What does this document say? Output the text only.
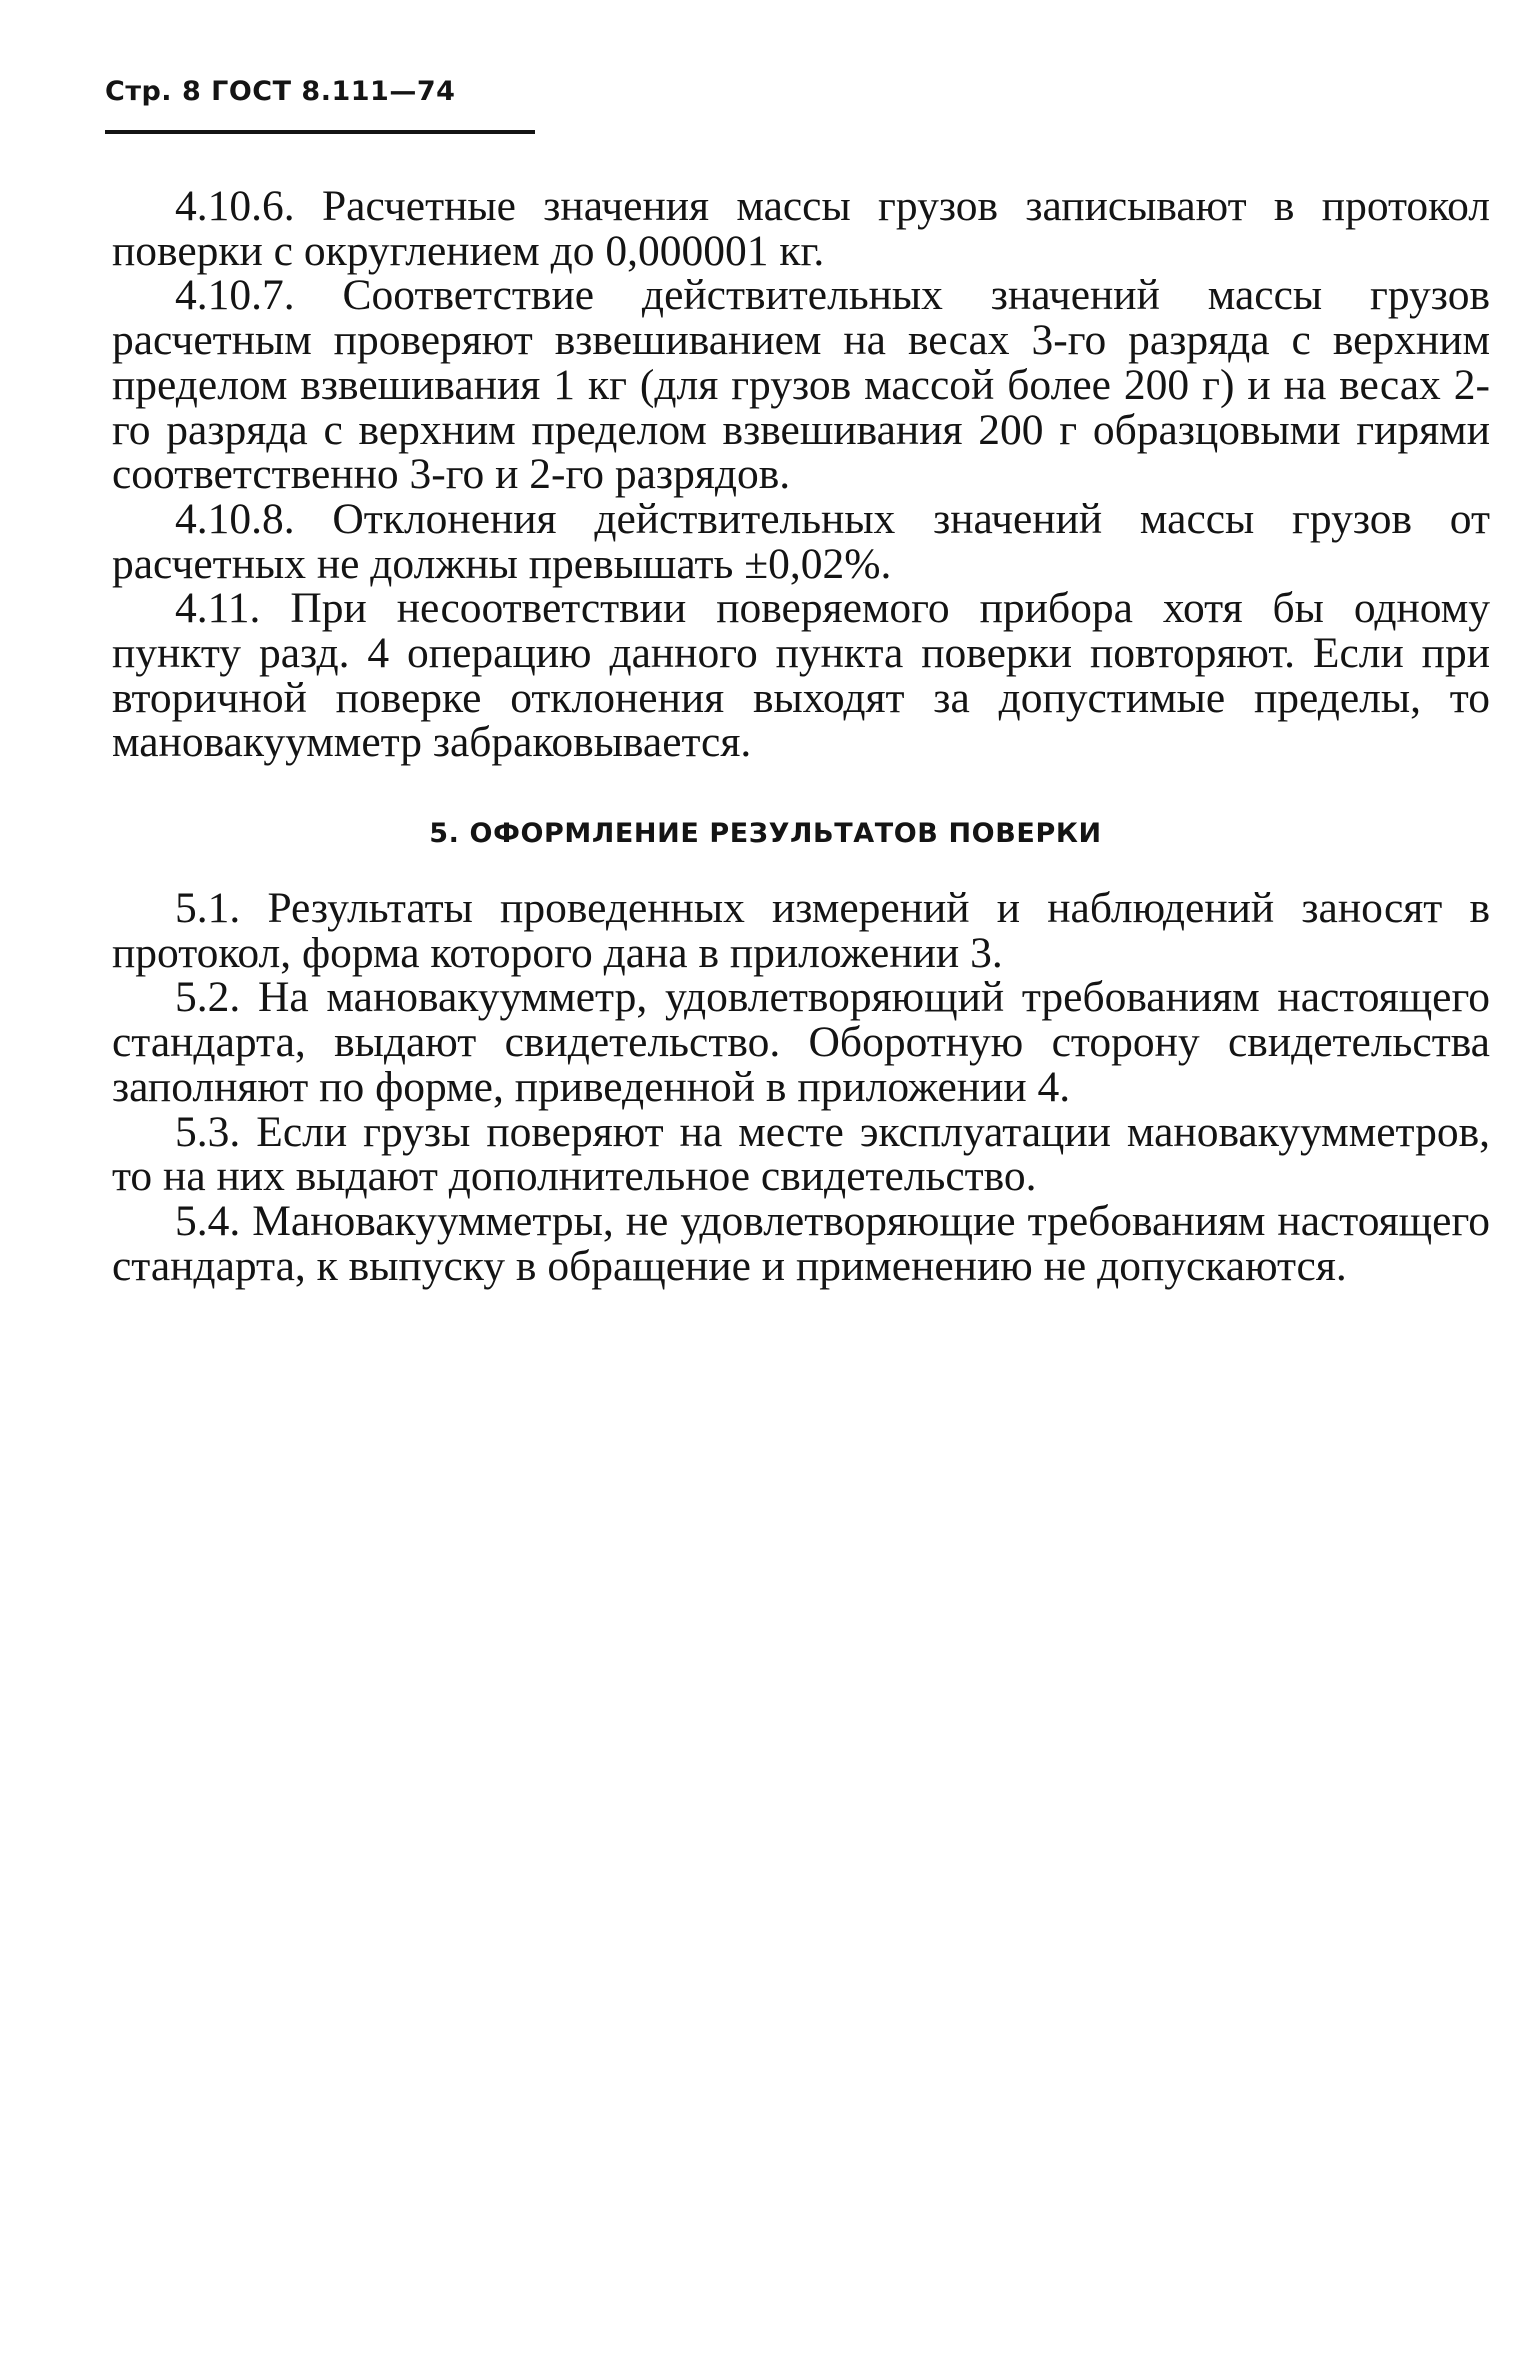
Стр. 8 ГОСТ 8.111—74

4.10.6. Расчетные значения массы грузов записывают в протокол поверки с округлением до 0,000001 кг.

4.10.7. Соответствие действительных значений массы грузов расчетным проверяют взвешиванием на весах 3-го разряда с верхним пределом взвешивания 1 кг (для грузов массой более 200 г) и на весах 2-го разряда с верхним пределом взвешивания 200 г образцовыми гирями соответственно 3-го и 2-го разрядов.

4.10.8. Отклонения действительных значений массы грузов от расчетных не должны превышать ±0,02%.

4.11. При несоответствии поверяемого прибора хотя бы одному пункту разд. 4 операцию данного пункта поверки повторяют. Если при вторичной поверке отклонения выходят за допустимые пределы, то мановакуумметр забраковывается.

5. ОФОРМЛЕНИЕ РЕЗУЛЬТАТОВ ПОВЕРКИ

5.1. Результаты проведенных измерений и наблюдений заносят в протокол, форма которого дана в приложении 3.

5.2. На мановакуумметр, удовлетворяющий требованиям настоящего стандарта, выдают свидетельство. Оборотную сторону свидетельства заполняют по форме, приведенной в приложении 4.

5.3. Если грузы поверяют на месте эксплуатации мановакуумметров, то на них выдают дополнительное свидетельство.

5.4. Мановакуумметры, не удовлетворяющие требованиям настоящего стандарта, к выпуску в обращение и применению не допускаются.
